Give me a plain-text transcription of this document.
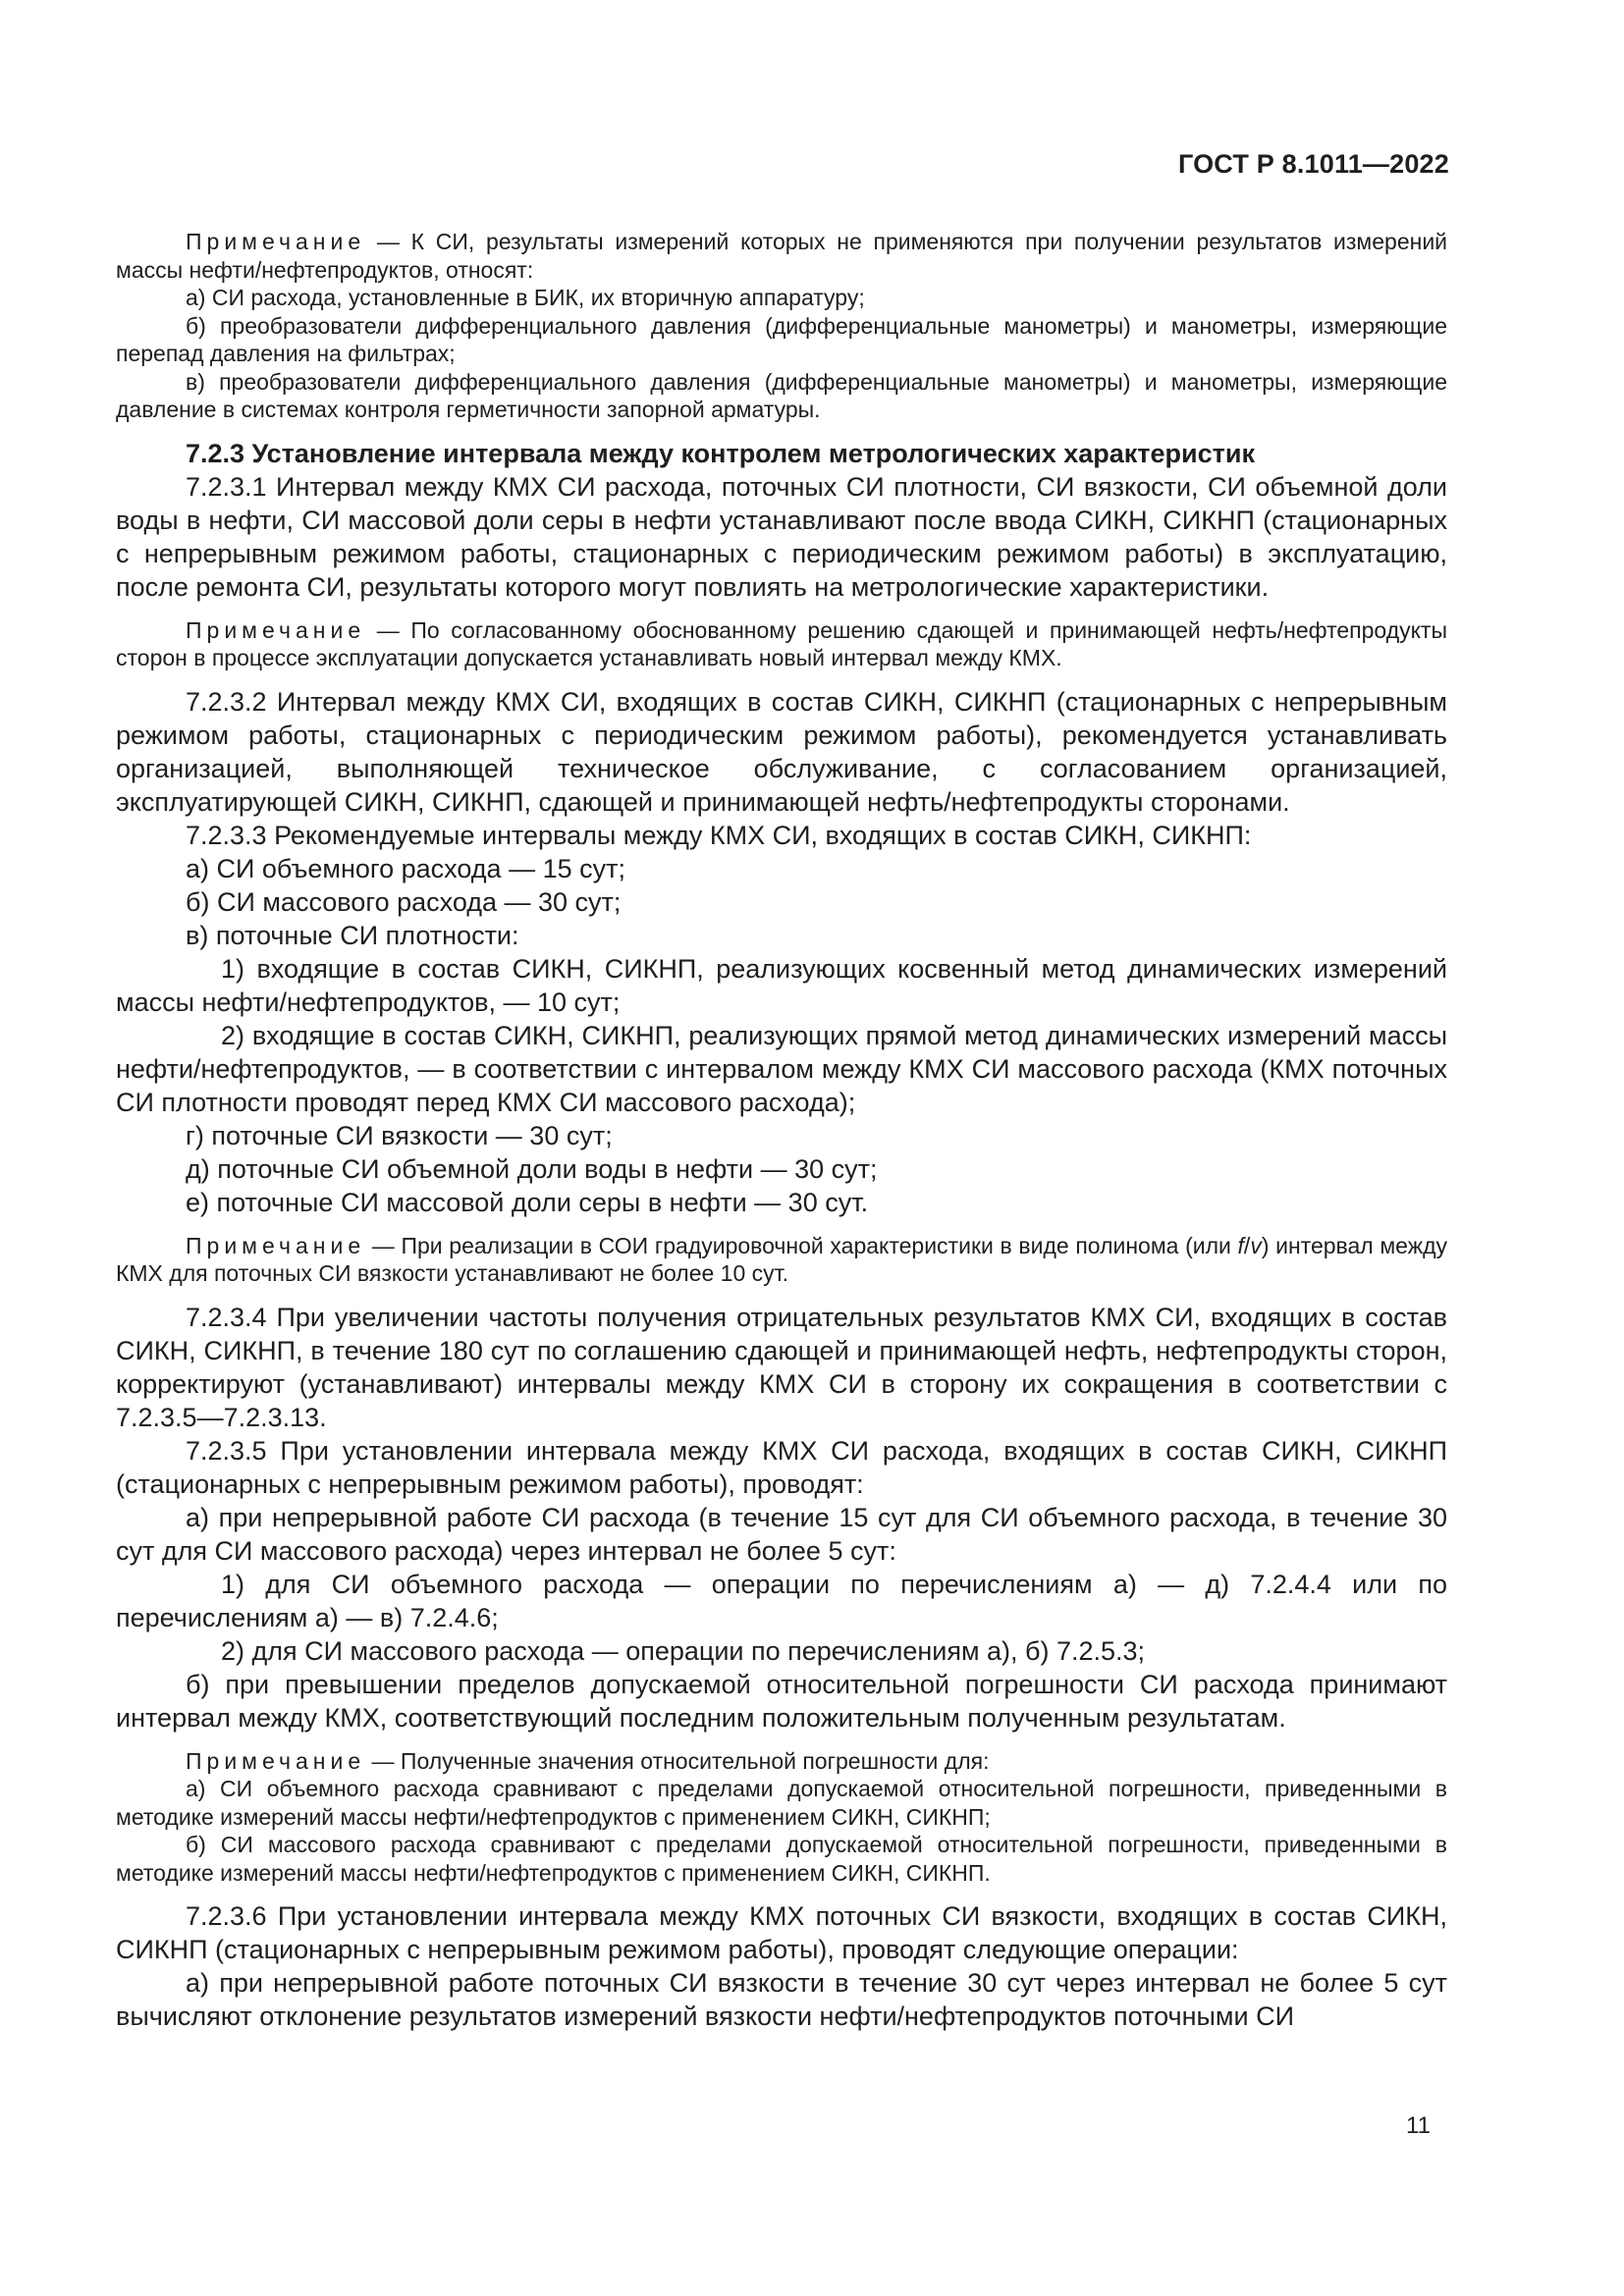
ГОСТ Р 8.1011—2022

Примечание — К СИ, результаты измерений которых не применяются при получении результатов измерений массы нефти/нефтепродуктов, относят:

а) СИ расхода, установленные в БИК, их вторичную аппаратуру;

б) преобразователи дифференциального давления (дифференциальные манометры) и манометры, измеряющие перепад давления на фильтрах;

в) преобразователи дифференциального давления (дифференциальные манометры) и манометры, измеряющие давление в системах контроля герметичности запорной арматуры.

7.2.3 Установление интервала между контролем метрологических характеристик

7.2.3.1 Интервал между КМХ СИ расхода, поточных СИ плотности, СИ вязкости, СИ объемной доли воды в нефти, СИ массовой доли серы в нефти устанавливают после ввода СИКН, СИКНП (стационарных с непрерывным режимом работы, стационарных с периодическим режимом работы) в эксплуатацию, после ремонта СИ, результаты которого могут повлиять на метрологические характеристики.

Примечание — По согласованному обоснованному решению сдающей и принимающей нефть/нефтепродукты сторон в процессе эксплуатации допускается устанавливать новый интервал между КМХ.

7.2.3.2 Интервал между КМХ СИ, входящих в состав СИКН, СИКНП (стационарных с непрерывным режимом работы, стационарных с периодическим режимом работы), рекомендуется устанавливать организацией, выполняющей техническое обслуживание, с согласованием организацией, эксплуатирующей СИКН, СИКНП, сдающей и принимающей нефть/нефтепродукты сторонами.

7.2.3.3 Рекомендуемые интервалы между КМХ СИ, входящих в состав СИКН, СИКНП:

а) СИ объемного расхода — 15 сут;

б) СИ массового расхода — 30 сут;

в) поточные СИ плотности:

1) входящие в состав СИКН, СИКНП, реализующих косвенный метод динамических измерений массы нефти/нефтепродуктов, — 10 сут;

2) входящие в состав СИКН, СИКНП, реализующих прямой метод динамических измерений массы нефти/нефтепродуктов, — в соответствии с интервалом между КМХ СИ массового расхода (КМХ поточных СИ плотности проводят перед КМХ СИ массового расхода);

г) поточные СИ вязкости — 30 сут;

д) поточные СИ объемной доли воды в нефти — 30 сут;

е) поточные СИ массовой доли серы в нефти — 30 сут.

Примечание — При реализации в СОИ градуировочной характеристики в виде полинома (или f/v) интервал между КМХ для поточных СИ вязкости устанавливают не более 10 сут.

7.2.3.4 При увеличении частоты получения отрицательных результатов КМХ СИ, входящих в состав СИКН, СИКНП, в течение 180 сут по соглашению сдающей и принимающей нефть, нефтепродукты сторон, корректируют (устанавливают) интервалы между КМХ СИ в сторону их сокращения в соответствии с 7.2.3.5—7.2.3.13.

7.2.3.5 При установлении интервала между КМХ СИ расхода, входящих в состав СИКН, СИКНП (стационарных с непрерывным режимом работы), проводят:

а) при непрерывной работе СИ расхода (в течение 15 сут для СИ объемного расхода, в течение 30 сут для СИ массового расхода) через интервал не более 5 сут:

1) для СИ объемного расхода — операции по перечислениям а) — д) 7.2.4.4 или по перечислениям а) — в) 7.2.4.6;

2) для СИ массового расхода — операции по перечислениям а), б) 7.2.5.3;

б) при превышении пределов допускаемой относительной погрешности СИ расхода принимают интервал между КМХ, соответствующий последним положительным полученным результатам.

Примечание — Полученные значения относительной погрешности для:

а) СИ объемного расхода сравнивают с пределами допускаемой относительной погрешности, приведенными в методике измерений массы нефти/нефтепродуктов с применением СИКН, СИКНП;

б) СИ массового расхода сравнивают с пределами допускаемой относительной погрешности, приведенными в методике измерений массы нефти/нефтепродуктов с применением СИКН, СИКНП.

7.2.3.6 При установлении интервала между КМХ поточных СИ вязкости, входящих в состав СИКН, СИКНП (стационарных с непрерывным режимом работы), проводят следующие операции:

а) при непрерывной работе поточных СИ вязкости в течение 30 сут через интервал не более 5 сут вычисляют отклонение результатов измерений вязкости нефти/нефтепродуктов поточными СИ

11
